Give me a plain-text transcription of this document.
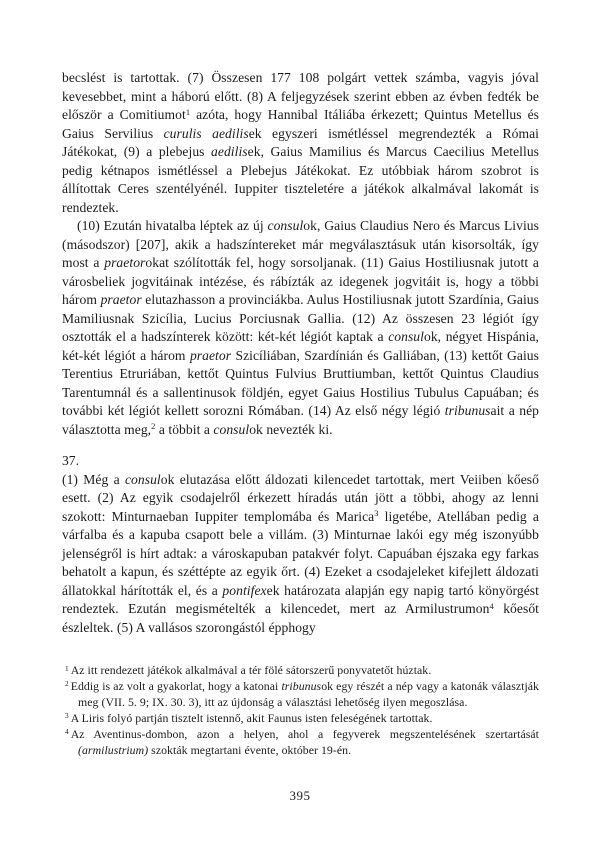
becslést is tartottak. (7) Összesen 177 108 polgárt vettek számba, vagyis jóval kevesebbet, mint a háború előtt. (8) A feljegyzések szerint ebben az évben fedték be először a Comitiumot$^1$ azóta, hogy Hannibal Itáliába érkezett; Quintus Metellus és Gaius Servilius curulis aedilisek egyszeri ismétléssel megrendezték a Római Játékokat, (9) a plebejus aedilisek, Gaius Mamilius és Marcus Caecilius Metellus pedig kétnapos ismétléssel a Plebejus Játékokat. Ez utóbbiak három szobrot is állítottak Ceres szentélyénél. Iuppiter tiszteletére a játékok alkalmával lakomát is rendeztek.

(10) Ezután hivatalba léptek az új consulok, Gaius Claudius Nero és Marcus Livius (másodszor) [207], akik a hadszíntereket már megválasztásuk után kisorsolták, így most a praetorokat szólították fel, hogy sorsoljanak. (11) Gaius Hostiliusnak jutott a városbeliek jogvitáinak intézése, és rábízták az idegenek jogvitáit is, hogy a többi három praetor elutazhasson a provinciákba. Aulus Hostiliusnak jutott Szardínia, Gaius Mamiliusnak Szicília, Lucius Porciusnak Gallia. (12) Az összesen 23 légiót így osztották el a hadszínterek között: két-két légiót kaptak a consulok, négyet Hispánia, két-két légiót a három praetor Szicíliában, Szardínián és Galliában, (13) kettőt Gaius Terentius Etruriában, kettőt Quintus Fulvius Bruttiumban, kettőt Quintus Claudius Tarentumnál és a sallentinusok földjén, egyet Gaius Hostilius Tubulus Capuában; és további két légiót kellett sorozni Rómában. (14) Az első négy légió tribunusait a nép választotta meg,$^2$ a többit a consulok nevezték ki.

37.

(1) Még a consulok elutazása előtt áldozati kilencedet tartottak, mert Veiiben kőeső esett. (2) Az egyik csodajelről érkezett híradás után jött a többi, ahogy az lenni szokott: Minturnaeban Iuppiter templomába és Marica$^3$ ligetébe, Atellában pedig a várfalba és a kapuba csapott bele a villám. (3) Minturnae lakói egy még iszonyúbb jelenségről is hírt adtak: a városkapuban patakvér folyt. Capuában éjszaka egy farkas behatolt a kapun, és széttépte az egyik őrt. (4) Ezeket a csodajeleket kifejlett áldozati állatokkal hárították el, és a pontifexek határozata alapján egy napig tartó könyörgést rendeztek. Ezután megismételték a kilencedet, mert az Armilustrumon$^4$ kőesőt észleltek. (5) A vallásos szorongástól épphogy

$^1$ Az itt rendezett játékok alkalmával a tér fölé sátorszerű ponyvatetőt húztak.

$^2$ Eddig is az volt a gyakorlat, hogy a katonai tribunusok egy részét a nép vagy a katonák választják meg (VII. 5. 9; IX. 30. 3), itt az újdonság a választási lehetőség ilyen megoszlása.

$^3$ A Liris folyó partján tisztelt istennő, akit Faunus isten feleségének tartottak.

$^4$ Az Aventinus-dombon, azon a helyen, ahol a fegyverek megszentelésének szertartását (armilustrium) szokták megtartani évente, október 19-én.

395
